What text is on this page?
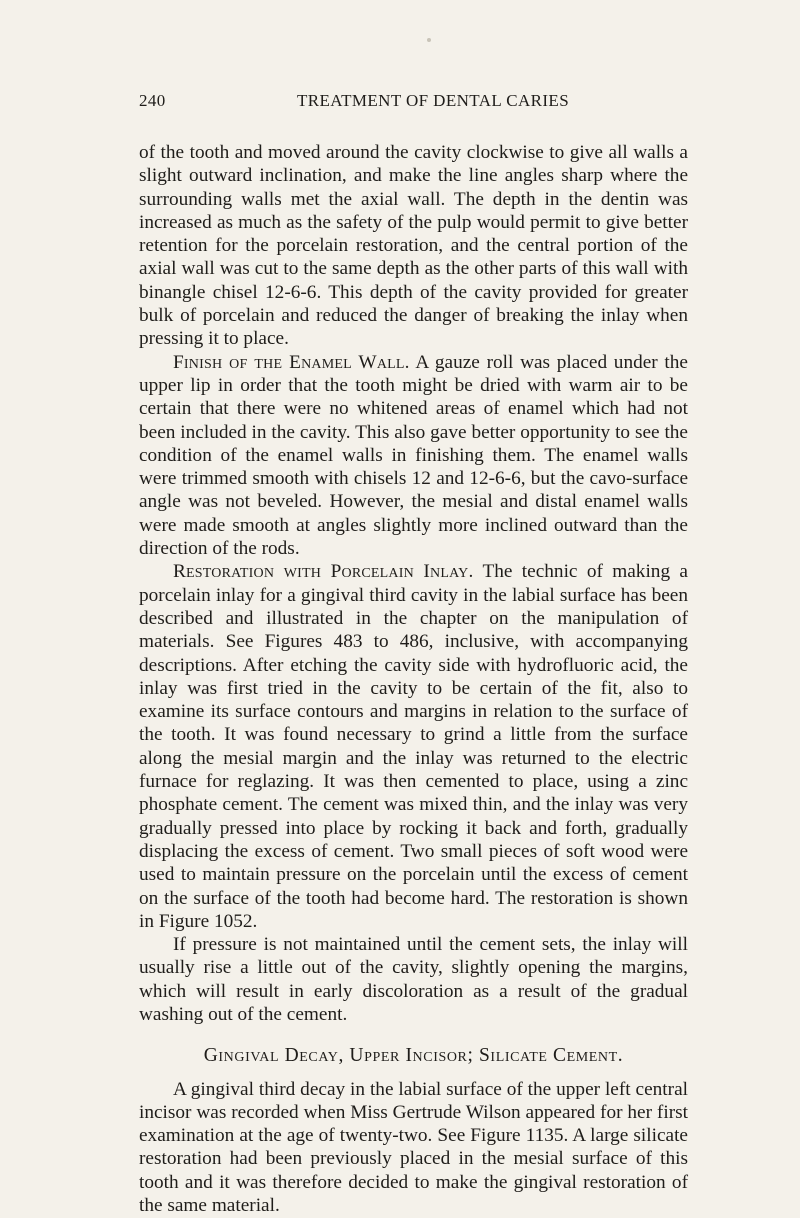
240	TREATMENT OF DENTAL CARIES

of the tooth and moved around the cavity clockwise to give all walls a slight outward inclination, and make the line angles sharp where the surrounding walls met the axial wall. The depth in the dentin was increased as much as the safety of the pulp would permit to give better retention for the porcelain restoration, and the central portion of the axial wall was cut to the same depth as the other parts of this wall with binangle chisel 12-6-6. This depth of the cavity provided for greater bulk of porcelain and reduced the danger of breaking the inlay when pressing it to place.

Finish of the Enamel Wall. A gauze roll was placed under the upper lip in order that the tooth might be dried with warm air to be certain that there were no whitened areas of enamel which had not been included in the cavity. This also gave better opportunity to see the condition of the enamel walls in finishing them. The enamel walls were trimmed smooth with chisels 12 and 12-6-6, but the cavo-surface angle was not beveled. However, the mesial and distal enamel walls were made smooth at angles slightly more inclined outward than the direction of the rods.

Restoration with Porcelain Inlay. The technic of making a porcelain inlay for a gingival third cavity in the labial surface has been described and illustrated in the chapter on the manipulation of materials. See Figures 483 to 486, inclusive, with accompanying descriptions. After etching the cavity side with hydrofluoric acid, the inlay was first tried in the cavity to be certain of the fit, also to examine its surface contours and margins in relation to the surface of the tooth. It was found necessary to grind a little from the surface along the mesial margin and the inlay was returned to the electric furnace for reglazing. It was then cemented to place, using a zinc phosphate cement. The cement was mixed thin, and the inlay was very gradually pressed into place by rocking it back and forth, gradually displacing the excess of cement. Two small pieces of soft wood were used to maintain pressure on the porcelain until the excess of cement on the surface of the tooth had become hard. The restoration is shown in Figure 1052.

If pressure is not maintained until the cement sets, the inlay will usually rise a little out of the cavity, slightly opening the margins, which will result in early discoloration as a result of the gradual washing out of the cement.

Gingival Decay, Upper Incisor; Silicate Cement.

A gingival third decay in the labial surface of the upper left central incisor was recorded when Miss Gertrude Wilson appeared for her first examination at the age of twenty-two. See Figure 1135. A large silicate restoration had been previously placed in the mesial surface of this tooth and it was therefore decided to make the gingival restoration of the same material.
